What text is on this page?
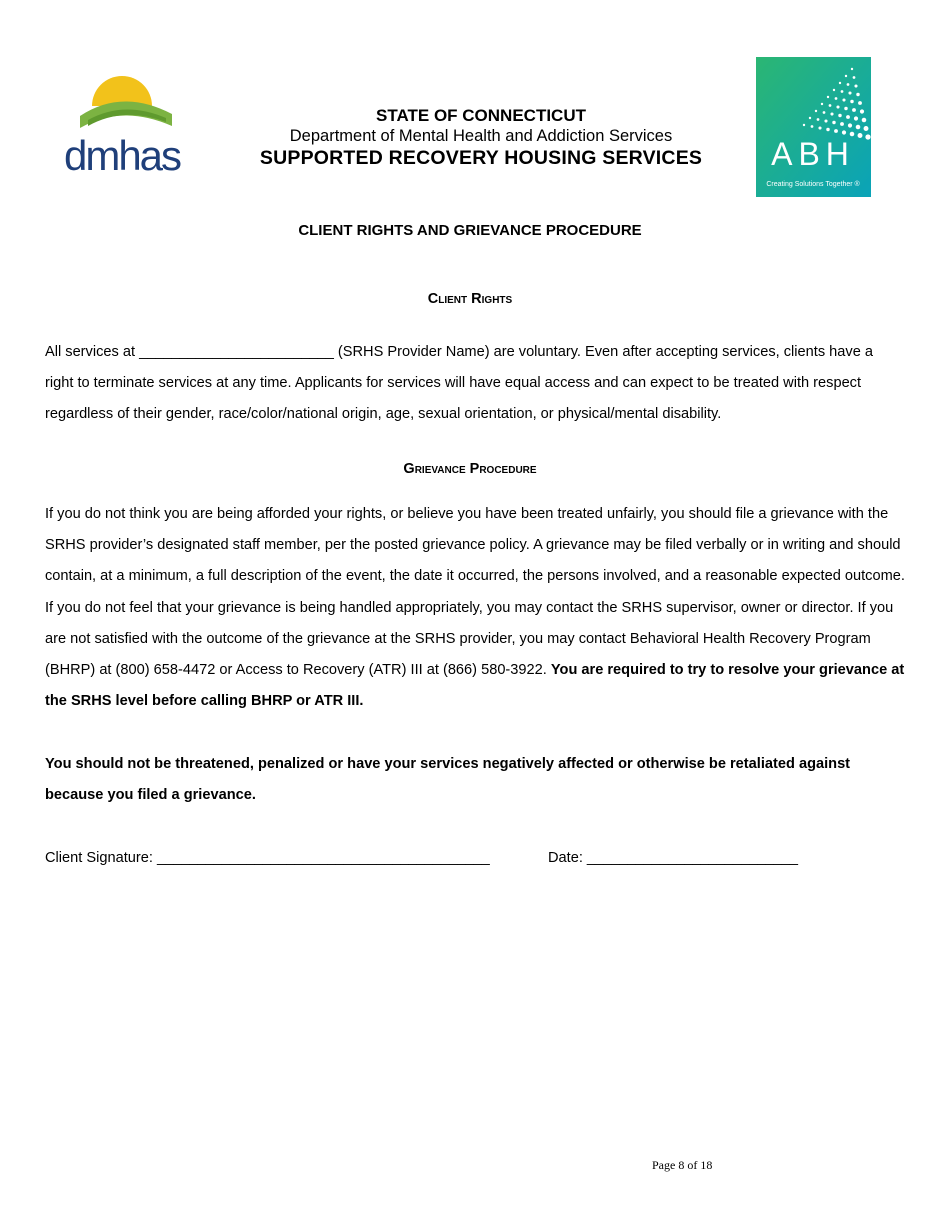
dmhas
STATE OF CONNECTICUT
Department of Mental Health and Addiction Services
SUPPORTED RECOVERY HOUSING SERVICES	ABH
Creating Solutions Together ®
CLIENT RIGHTS AND GRIEVANCE PROCEDURE
Client Rights
All services at ________________________ (SRHS Provider Name) are voluntary. Even after accepting services, clients have a right to terminate services at any time. Applicants for services will have equal access and can expect to be treated with respect regardless of their gender, race/color/national origin, age, sexual orientation, or physical/mental disability.
Grievance Procedure
If you do not think you are being afforded your rights, or believe you have been treated unfairly, you should file a grievance with the SRHS provider’s designated staff member, per the posted grievance policy. A grievance may be filed verbally or in writing and should contain, at a minimum, a full description of the event, the date it occurred, the persons involved, and a reasonable expected outcome. If you do not feel that your grievance is being handled appropriately, you may contact the SRHS supervisor, owner or director. If you are not satisfied with the outcome of the grievance at the SRHS provider, you may contact Behavioral Health Recovery Program (BHRP) at (800) 658-4472 or Access to Recovery (ATR) III at (866) 580-3922. You are required to try to resolve your grievance at the SRHS level before calling BHRP or ATR III.
You should not be threatened, penalized or have your services negatively affected or otherwise be retaliated against because you filed a grievance.
Client Signature: _________________________________________	Date: __________________________
Page 8 of 18
